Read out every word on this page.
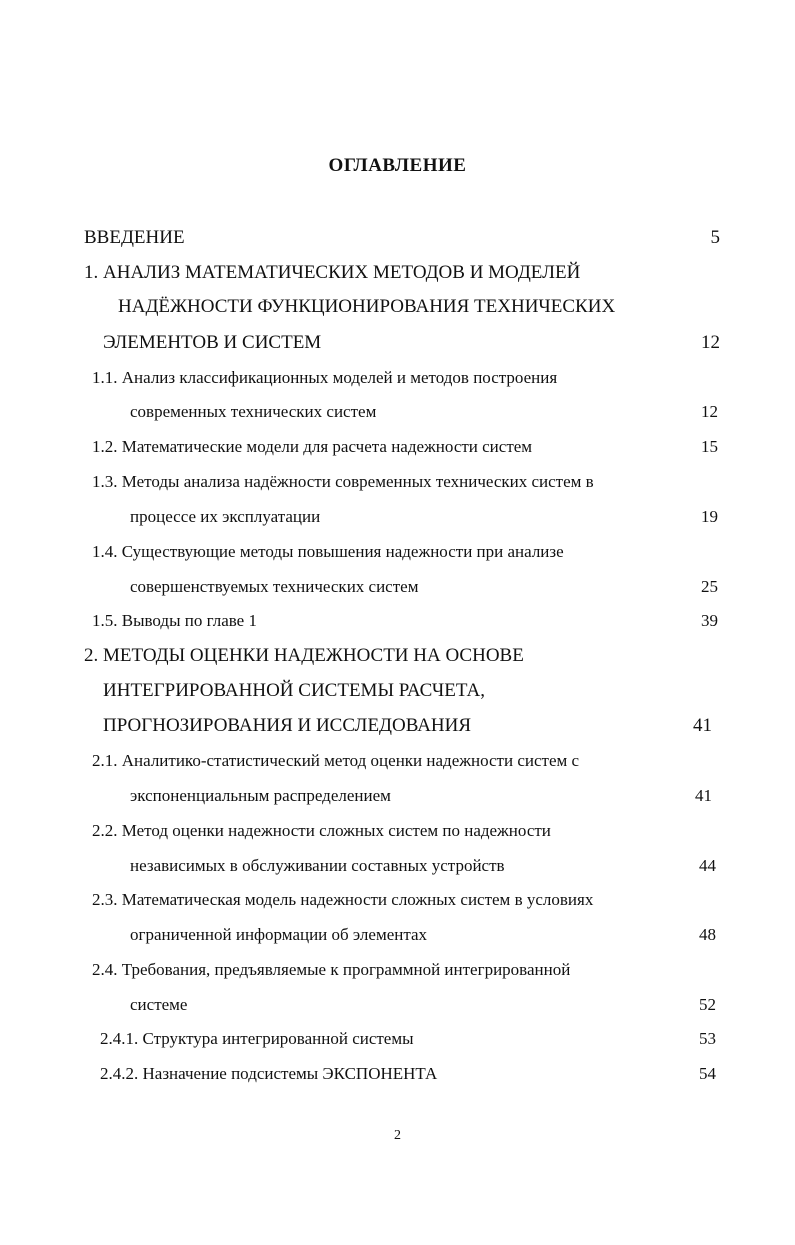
ОГЛАВЛЕНИЕ
ВВЕДЕНИЕ	5
1. АНАЛИЗ МАТЕМАТИЧЕСКИХ МЕТОДОВ И МОДЕЛЕЙ
НАДЁЖНОСТИ ФУНКЦИОНИРОВАНИЯ ТЕХНИЧЕСКИХ
ЭЛЕМЕНТОВ И СИСТЕМ	12
1.1. Анализ классификационных моделей и методов построения
современных технических систем	12
1.2. Математические модели для расчета надежности систем	15
1.3. Методы анализа надёжности современных технических систем в
процессе их эксплуатации	19
1.4. Существующие методы повышения надежности при анализе
совершенствуемых технических систем	25
1.5. Выводы по главе 1	39
2. МЕТОДЫ ОЦЕНКИ НАДЕЖНОСТИ НА ОСНОВЕ
ИНТЕГРИРОВАННОЙ СИСТЕМЫ РАСЧЕТА,
ПРОГНОЗИРОВАНИЯ И ИССЛЕДОВАНИЯ	41
2.1. Аналитико-статистический метод оценки надежности систем с
экспоненциальным распределением	41
2.2. Метод оценки надежности сложных систем по надежности
независимых в обслуживании составных устройств	44
2.3. Математическая модель надежности сложных систем в условиях
ограниченной информации об элементах	48
2.4. Требования, предъявляемые к программной интегрированной
системе	52
2.4.1. Структура интегрированной системы	53
2.4.2. Назначение подсистемы ЭКСПОНЕНТА	54
2
